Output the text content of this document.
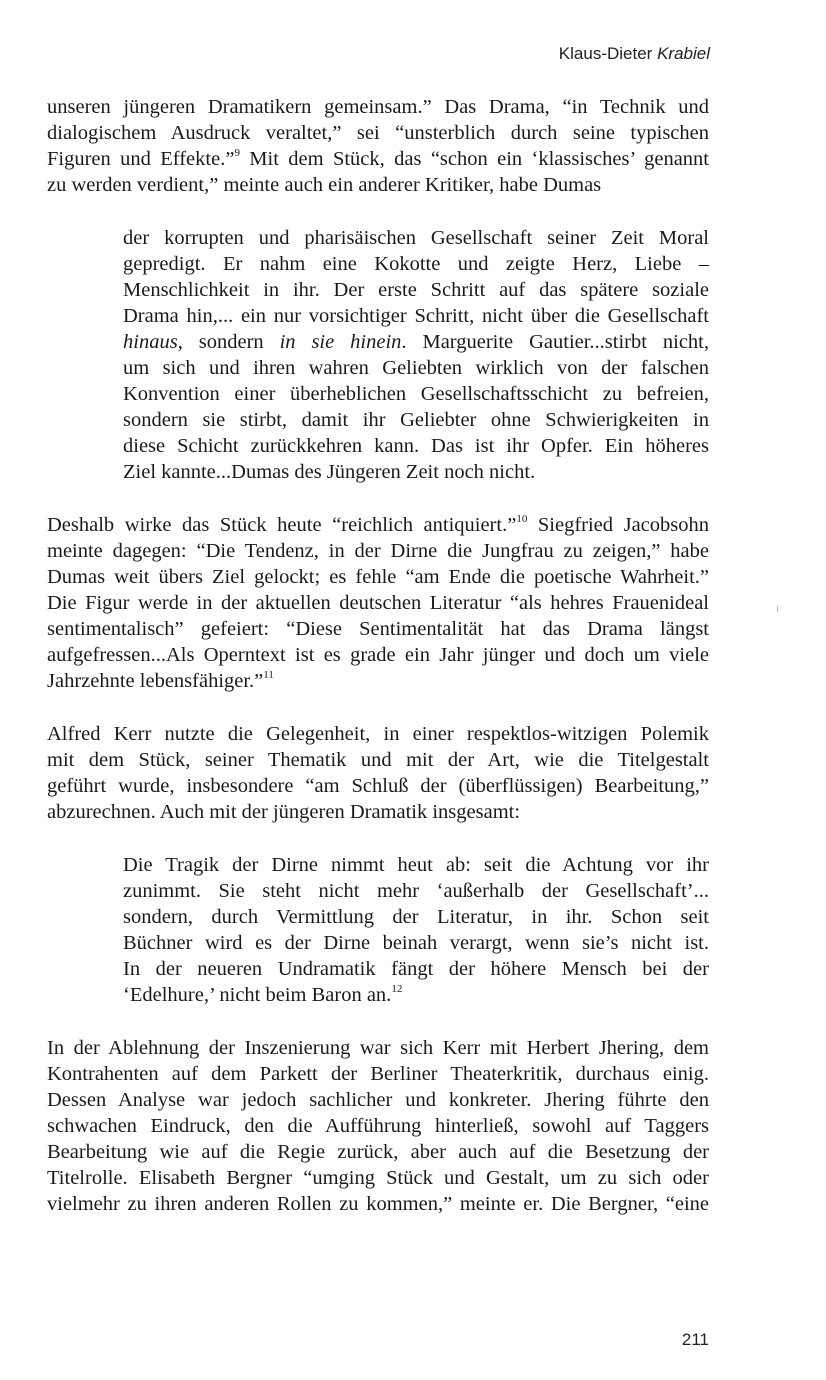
Klaus-Dieter Krabiel
unseren jüngeren Dramatikern gemeinsam.” Das Drama, “in Technik und
dialogischem Ausdruck veraltet,” sei “unsterblich durch seine typischen
Figuren und Effekte.”$^9$ Mit dem Stück, das “schon ein ‘klassisches’ genannt
zu werden verdient,” meinte auch ein anderer Kritiker, habe Dumas
der korrupten und pharisäischen Gesellschaft seiner Zeit Moral
gepredigt. Er nahm eine Kokotte und zeigte Herz, Liebe –
Menschlichkeit in ihr. Der erste Schritt auf das spätere soziale
Drama hin,... ein nur vorsichtiger Schritt, nicht über die Gesellschaft
hinaus, sondern in sie hinein. Marguerite Gautier...stirbt nicht,
um sich und ihren wahren Geliebten wirklich von der falschen
Konvention einer überheblichen Gesellschaftsschicht zu befreien,
sondern sie stirbt, damit ihr Geliebter ohne Schwierigkeiten in
diese Schicht zurückkehren kann. Das ist ihr Opfer. Ein höheres
Ziel kannte...Dumas des Jüngeren Zeit noch nicht.
Deshalb wirke das Stück heute “reichlich antiquiert.”$^{10}$ Siegfried Jacobsohn
meinte dagegen: “Die Tendenz, in der Dirne die Jungfrau zu zeigen,” habe
Dumas weit übers Ziel gelockt; es fehle “am Ende die poetische Wahrheit.”
Die Figur werde in der aktuellen deutschen Literatur “als hehres Frauenideal
sentimentalisch” gefeiert: “Diese Sentimentalität hat das Drama längst
aufgefressen...Als Operntext ist es grade ein Jahr jünger und doch um viele
Jahrzehnte lebensfähiger.”$^{11}$
Alfred Kerr nutzte die Gelegenheit, in einer respektlos-witzigen Polemik
mit dem Stück, seiner Thematik und mit der Art, wie die Titelgestalt
geführt wurde, insbesondere “am Schluß der (überflüssigen) Bearbeitung,”
abzurechnen. Auch mit der jüngeren Dramatik insgesamt:
Die Tragik der Dirne nimmt heut ab: seit die Achtung vor ihr
zunimmt. Sie steht nicht mehr ‘außerhalb der Gesellschaft’...
sondern, durch Vermittlung der Literatur, in ihr. Schon seit
Büchner wird es der Dirne beinah verargt, wenn sie’s nicht ist.
In der neueren Undramatik fängt der höhere Mensch bei der
‘Edelhure,’ nicht beim Baron an.$^{12}$
In der Ablehnung der Inszenierung war sich Kerr mit Herbert Jhering, dem
Kontrahenten auf dem Parkett der Berliner Theaterkritik, durchaus einig.
Dessen Analyse war jedoch sachlicher und konkreter. Jhering führte den
schwachen Eindruck, den die Aufführung hinterließ, sowohl auf Taggers
Bearbeitung wie auf die Regie zurück, aber auch auf die Besetzung der
Titelrolle. Elisabeth Bergner “umging Stück und Gestalt, um zu sich oder
vielmehr zu ihren anderen Rollen zu kommen,” meinte er. Die Bergner, “eine
211
